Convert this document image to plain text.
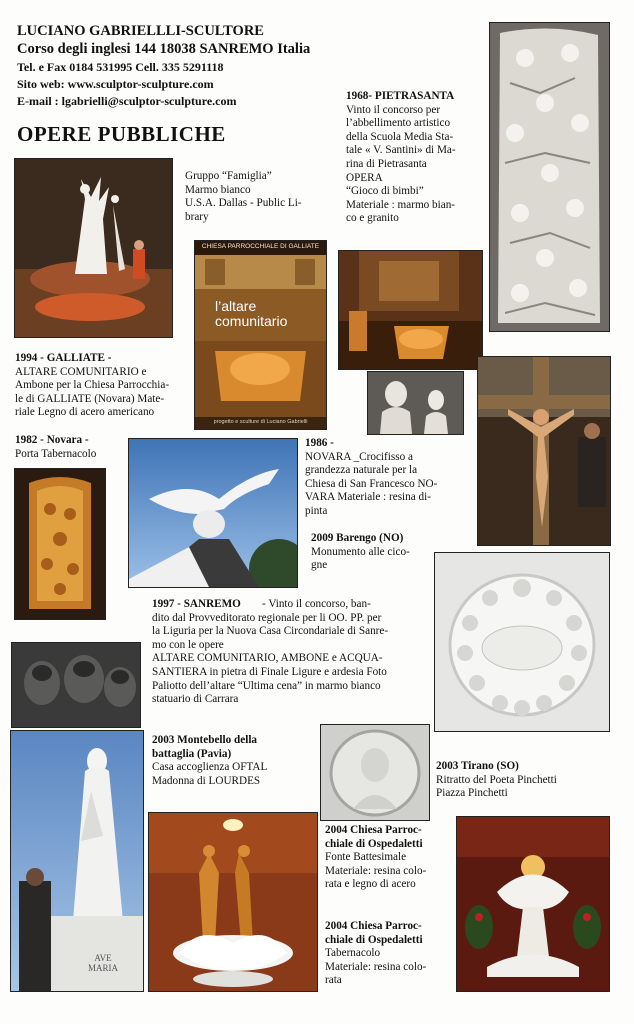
LUCIANO GABRIELLLI-SCULTORE
Corso degli inglesi 144 18038 SANREMO Italia
Tel. e Fax 0184 531995 Cell. 335 5291118
Sito web: www.sculptor-sculpture.com
E-mail : lgabrielli@sculptor-sculpture.com
OPERE PUBBLICHE
Gruppo “Famiglia”
Marmo bianco
U.S.A. Dallas - Public Li-
brary
1968- PIETRASANTA
Vinto il concorso per
l’abbellimento artistico
della Scuola Media Sta-
tale « V. Santini» di Ma-
rina di Pietrasanta
OPERA
“Gioco di bimbi”
Materiale : marmo bian-
co e granito
CHIESA PARROCCHIALE DI GALLIATE
l’altare
comunitario
progetto e sculture di Luciano Gabrielli
1994 - GALLIATE -
ALTARE COMUNITARIO e
Ambone per la Chiesa Parrocchia-
le di GALLIATE (Novara) Mate-
riale Legno di acero americano
1982 - Novara -
Porta Tabernacolo
1986 -
NOVARA _Crocifisso a
grandezza naturale per la
Chiesa di San Francesco NO-
VARA Materiale : resina di-
pinta
2009 Barengo (NO)
Monumento alle cico-
gne
1997 - SANREMO	- Vinto il concorso, ban-
dito dal Provveditorato regionale per li OO. PP. per
la Liguria per la Nuova Casa Circondariale di Sanre-
mo con le opere
ALTARE COMUNITARIO, AMBONE e ACQUA-
SANTIERA in pietra di Finale Ligure e ardesia Foto
Paliotto dell’altare “Ultima cena” in marmo bianco
statuario di Carrara
AVE
MARIA
2003 Montebello della
battaglia (Pavia)
Casa accoglienza OFTAL
Madonna di LOURDES
2003 Tirano (SO)
Ritratto del Poeta Pinchetti
Piazza Pinchetti
2004 Chiesa Parroc-
chiale di Ospedaletti
Fonte Battesimale
Materiale: resina colo-
rata e legno di acero
2004 Chiesa Parroc-
chiale di Ospedaletti
Tabernacolo
Materiale: resina colo-
rata
